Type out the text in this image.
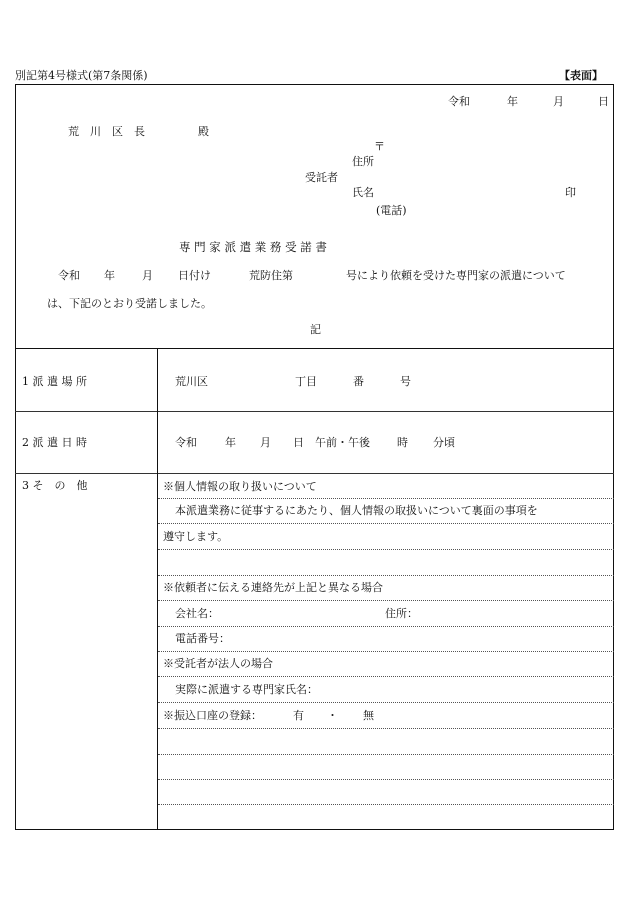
別記第4号様式(第7条関係)	【表面】
令和	年	月	日
荒　川　区　長	殿
〒
住所
受託者
氏名	印
(電話)
専 門 家 派 遣 業 務 受 諾 書
令和 年 月 日付け	荒防住第	号により依頼を受けた専門家の派遣について
は、下記のとおり受諾しました。
記
1 派 遣 場 所	荒川区	丁目	番	号
2 派 遣 日 時	令和	年 月 日 午前・午後 時 分頃
3 そ　の　他	※個人情報の取り扱いについて
本派遣業務に従事するにあたり、個人情報の取扱いについて裏面の事項を
遵守します。
※依頼者に伝える連絡先が上記と異なる場合
会社名：	住所：
電話番号：
※受託者が法人の場合
実際に派遣する専門家氏名：
※振込口座の登録：	有 ・ 無
